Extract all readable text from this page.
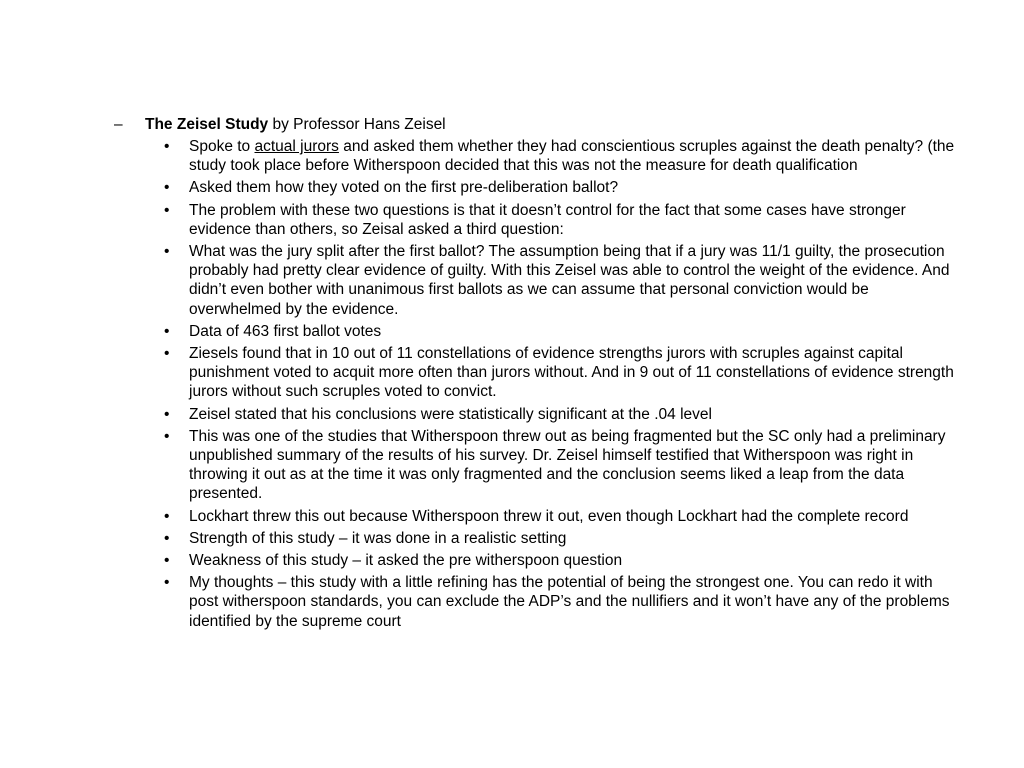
– The Zeisel Study by Professor Hans Zeisel
• Spoke to actual jurors and asked them whether they had conscientious scruples against the death penalty? (the study took place before Witherspoon decided that this was not the measure for death qualification
• Asked them how they voted on the first pre-deliberation ballot?
• The problem with these two questions is that it doesn’t control for the fact that some cases have stronger evidence than others, so Zeisal asked a third question:
• What was the jury split after the first ballot? The assumption being that if a jury was 11/1 guilty, the prosecution probably had pretty clear evidence of guilty. With this Zeisel was able to control the weight of the evidence. And didn’t even bother with unanimous first ballots as we can assume that personal conviction would be overwhelmed by the evidence.
• Data of 463 first ballot votes
• Ziesels found that in 10 out of 11 constellations of evidence strengths jurors with scruples against capital punishment voted to acquit more often than jurors without. And in 9 out of 11 constellations of evidence strength jurors without such scruples voted to convict.
• Zeisel stated that his conclusions were statistically significant at the .04 level
• This was one of the studies that Witherspoon threw out as being fragmented but the SC only had a preliminary unpublished summary of the results of his survey. Dr. Zeisel himself testified that Witherspoon was right in throwing it out as at the time it was only fragmented and the conclusion seems liked a leap from the data presented.
• Lockhart threw this out because Witherspoon threw it out, even though Lockhart had the complete record
• Strength of this study – it was done in a realistic setting
• Weakness of this study – it asked the pre witherspoon question
• My thoughts – this study with a little refining has the potential of being the strongest one. You can redo it with post witherspoon standards, you can exclude the ADP’s and the nullifiers and it won’t have any of the problems identified by the supreme court
